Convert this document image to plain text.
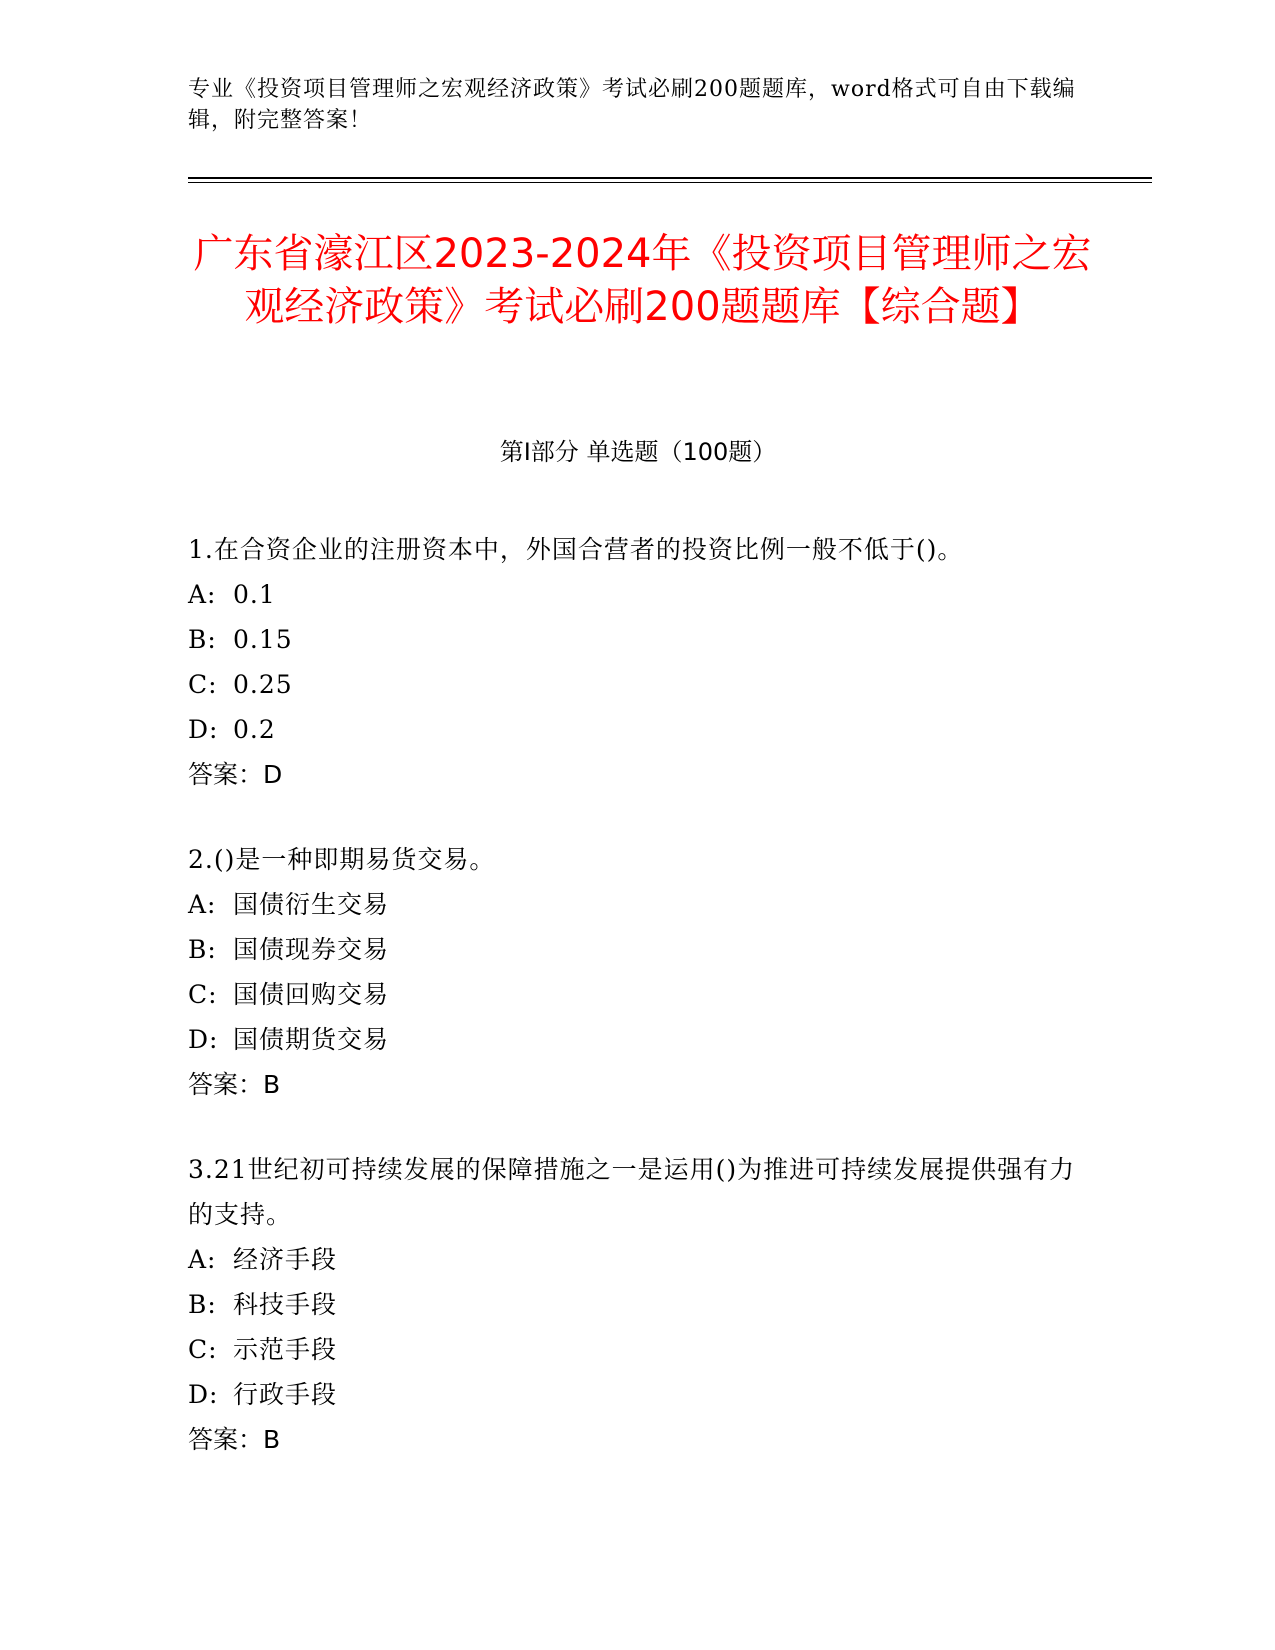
专业《投资项目管理师之宏观经济政策》考试必刷200题题库，word格式可自由下载编辑，附完整答案！
广东省濠江区2023-2024年《投资项目管理师之宏观经济政策》考试必刷200题题库【综合题】
第I部分 单选题（100题）
1.在合资企业的注册资本中，外国合营者的投资比例一般不低于()。
A: 0.1
B: 0.15
C: 0.25
D: 0.2
答案：D
2.()是一种即期易货交易。
A: 国债衍生交易
B: 国债现券交易
C: 国债回购交易
D: 国债期货交易
答案：B
3.21世纪初可持续发展的保障措施之一是运用()为推进可持续发展提供强有力的支持。
A: 经济手段
B: 科技手段
C: 示范手段
D: 行政手段
答案：B
